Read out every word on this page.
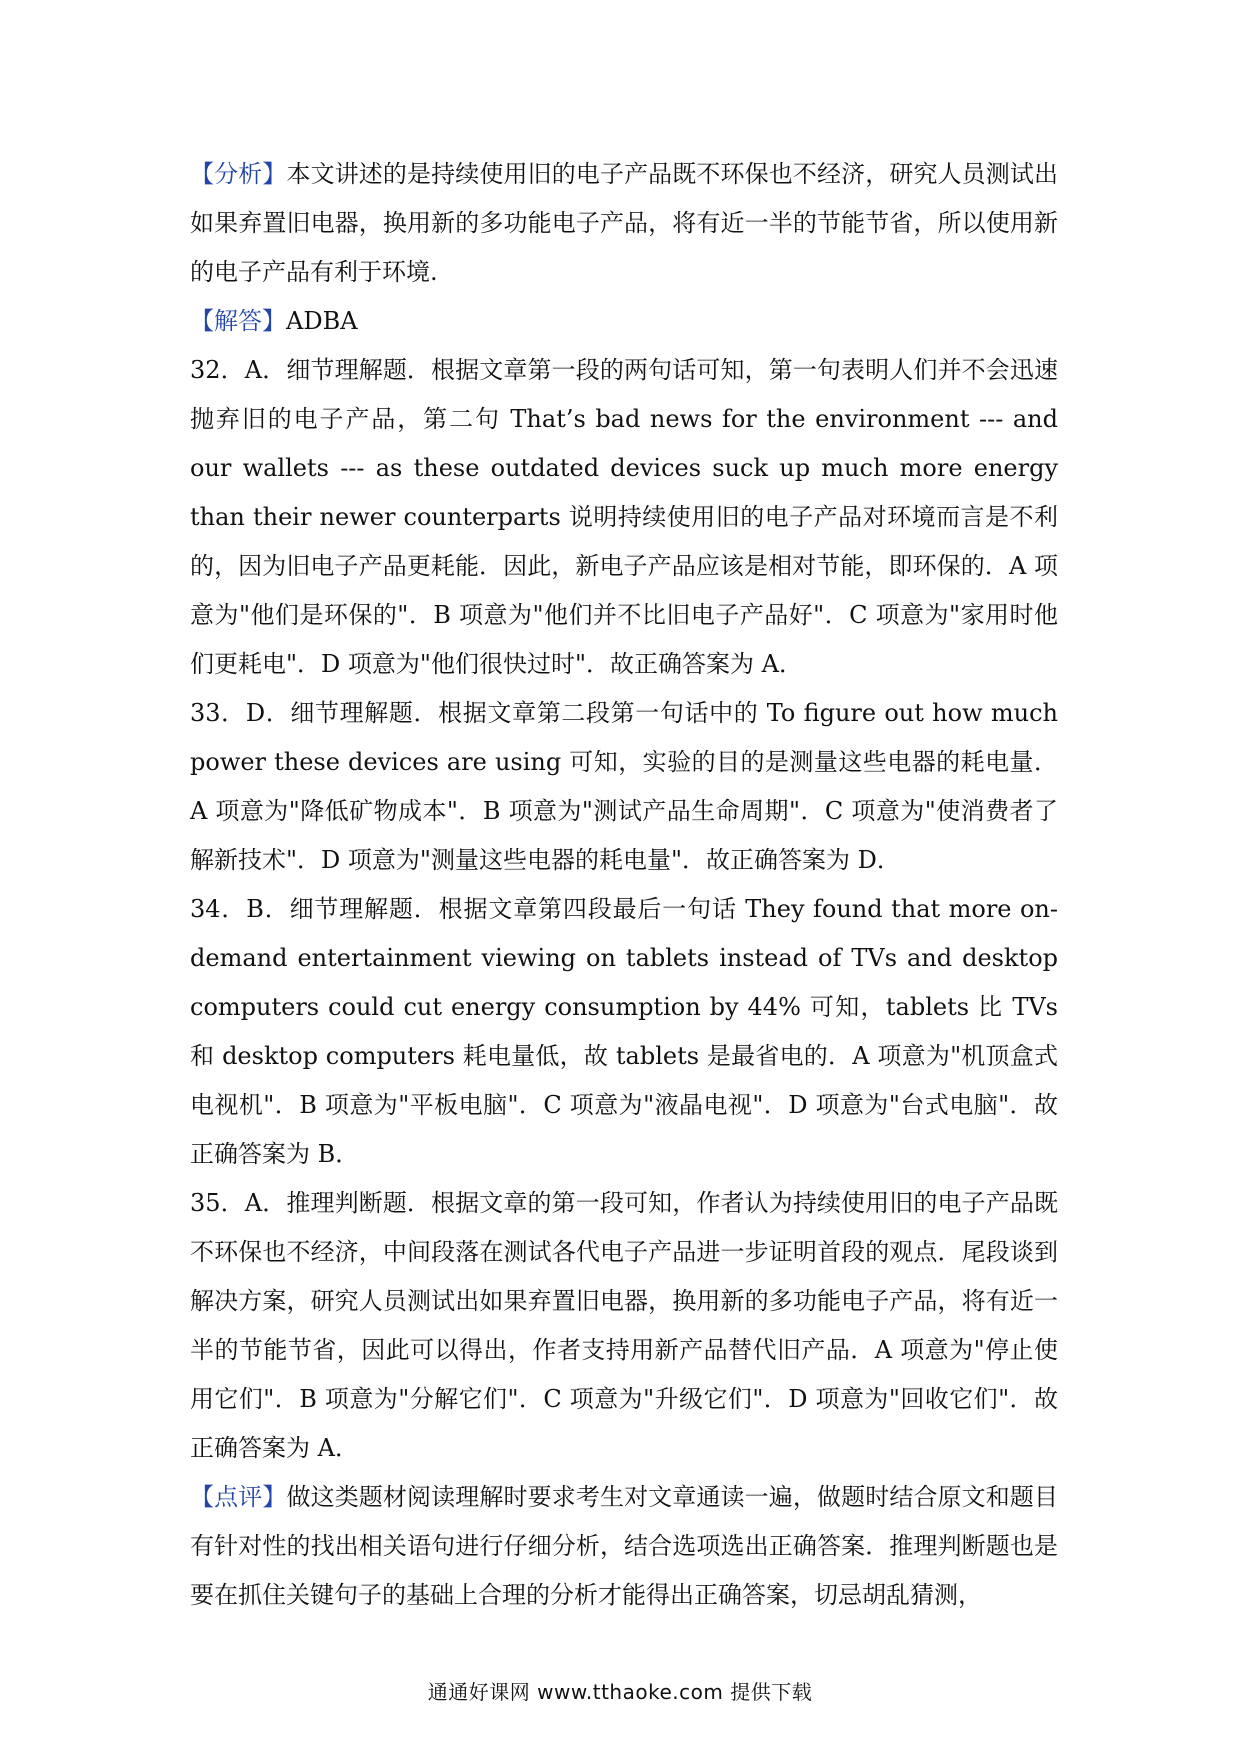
【分析】本文讲述的是持续使用旧的电子产品既不环保也不经济，研究人员测试出如果弃置旧电器，换用新的多功能电子产品，将有近一半的节能节省，所以使用新的电子产品有利于环境.

【解答】ADBA

32．A．细节理解题．根据文章第一段的两句话可知，第一句表明人们并不会迅速抛弃旧的电子产品，第二句 That’s bad news for the environment --- and our wallets --- as these outdated devices suck up much more energy than their newer counterparts 说明持续使用旧的电子产品对环境而言是不利的，因为旧电子产品更耗能．因此，新电子产品应该是相对节能，即环保的．A 项意为"他们是环保的"．B 项意为"他们并不比旧电子产品好"．C 项意为"家用时他们更耗电"．D 项意为"他们很快过时"．故正确答案为 A．

33．D．细节理解题．根据文章第二段第一句话中的 To figure out how much power these devices are using 可知，实验的目的是测量这些电器的耗电量．A 项意为"降低矿物成本"．B 项意为"测试产品生命周期"．C 项意为"使消费者了解新技术"．D 项意为"测量这些电器的耗电量"．故正确答案为 D．

34．B．细节理解题．根据文章第四段最后一句话 They found that more on-demand entertainment viewing on tablets instead of TVs and desktop computers could cut energy consumption by 44% 可知，tablets 比 TVs 和 desktop computers 耗电量低，故 tablets 是最省电的．A 项意为"机顶盒式电视机"．B 项意为"平板电脑"．C 项意为"液晶电视"．D 项意为"台式电脑"．故正确答案为 B．

35．A．推理判断题．根据文章的第一段可知，作者认为持续使用旧的电子产品既不环保也不经济，中间段落在测试各代电子产品进一步证明首段的观点．尾段谈到解决方案，研究人员测试出如果弃置旧电器，换用新的多功能电子产品，将有近一半的节能节省，因此可以得出，作者支持用新产品替代旧产品．A 项意为"停止使用它们"．B 项意为"分解它们"．C 项意为"升级它们"．D 项意为"回收它们"．故正确答案为 A．

【点评】做这类题材阅读理解时要求考生对文章通读一遍，做题时结合原文和题目有针对性的找出相关语句进行仔细分析，结合选项选出正确答案．推理判断题也是要在抓住关键句子的基础上合理的分析才能得出正确答案，切忌胡乱猜测，

通通好课网 www.tthaoke.com 提供下载
